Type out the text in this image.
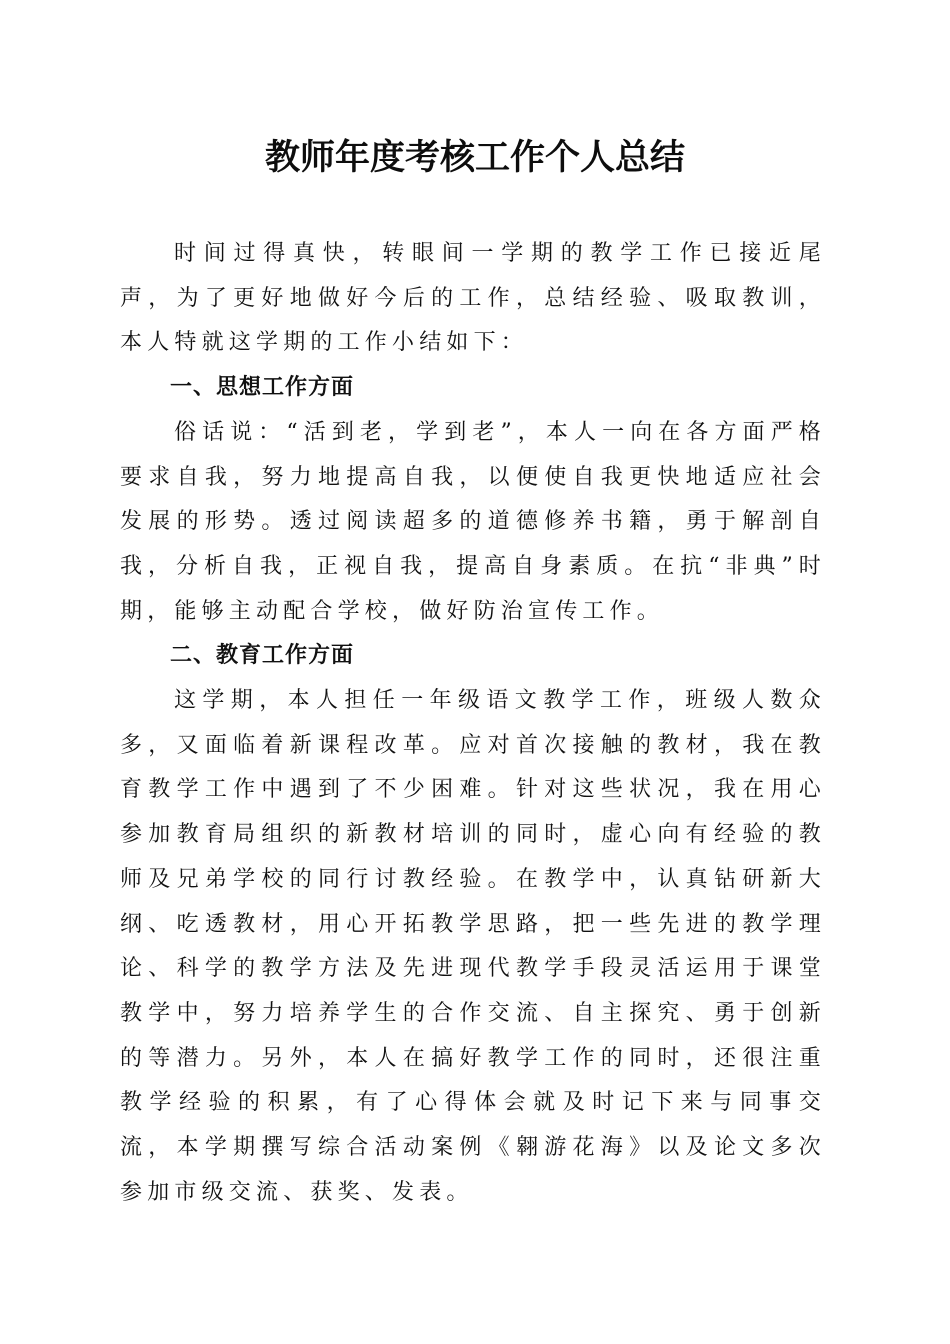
教师年度考核工作个人总结

时间过得真快，转眼间一学期的教学工作已接近尾声，为了更好地做好今后的工作，总结经验、吸取教训，本人特就这学期的工作小结如下：

一、思想工作方面

俗话说：“活到老，学到老”，本人一向在各方面严格要求自我，努力地提高自我，以便使自我更快地适应社会发展的形势。透过阅读超多的道德修养书籍，勇于解剖自我，分析自我，正视自我，提高自身素质。在抗“非典”时期，能够主动配合学校，做好防治宣传工作。

二、教育工作方面

这学期，本人担任一年级语文教学工作，班级人数众多，又面临着新课程改革。应对首次接触的教材，我在教育教学工作中遇到了不少困难。针对这些状况，我在用心参加教育局组织的新教材培训的同时，虚心向有经验的教师及兄弟学校的同行讨教经验。在教学中，认真钻研新大纲、吃透教材，用心开拓教学思路，把一些先进的教学理论、科学的教学方法及先进现代教学手段灵活运用于课堂教学中，努力培养学生的合作交流、自主探究、勇于创新的等潜力。另外，本人在搞好教学工作的同时，还很注重教学经验的积累，有了心得体会就及时记下来与同事交流，本学期撰写综合活动案例《翱游花海》以及论文多次参加市级交流、获奖、发表。
